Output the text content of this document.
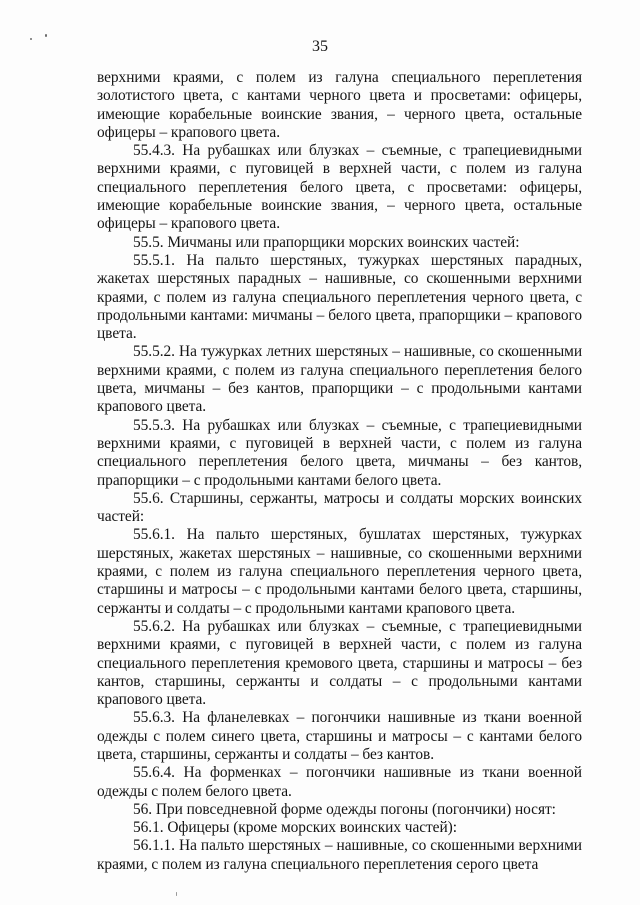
35

верхними краями, с полем из галуна специального переплетения золотистого цвета, с кантами черного цвета и просветами: офицеры, имеющие корабельные воинские звания, – черного цвета, остальные офицеры – крапового цвета.

55.4.3. На рубашках или блузках – съемные, с трапециевидными верхними краями, с пуговицей в верхней части, с полем из галуна специального переплетения белого цвета, с просветами: офицеры, имеющие корабельные воинские звания, – черного цвета, остальные офицеры – крапового цвета.

55.5. Мичманы или прапорщики морских воинских частей:

55.5.1. На пальто шерстяных, тужурках шерстяных парадных, жакетах шерстяных парадных – нашивные, со скошенными верхними краями, с полем из галуна специального переплетения черного цвета, с продольными кантами: мичманы – белого цвета, прапорщики – крапового цвета.

55.5.2. На тужурках летних шерстяных – нашивные, со скошенными верхними краями, с полем из галуна специального переплетения белого цвета, мичманы – без кантов, прапорщики – с продольными кантами крапового цвета.

55.5.3. На рубашках или блузках – съемные, с трапециевидными верхними краями, с пуговицей в верхней части, с полем из галуна специального переплетения белого цвета, мичманы – без кантов, прапорщики – с продольными кантами белого цвета.

55.6. Старшины, сержанты, матросы и солдаты морских воинских частей:

55.6.1. На пальто шерстяных, бушлатах шерстяных, тужурках шерстяных, жакетах шерстяных – нашивные, со скошенными верхними краями, с полем из галуна специального переплетения черного цвета, старшины и матросы – с продольными кантами белого цвета, старшины, сержанты и солдаты – с продольными кантами крапового цвета.

55.6.2. На рубашках или блузках – съемные, с трапециевидными верхними краями, с пуговицей в верхней части, с полем из галуна специального переплетения кремового цвета, старшины и матросы – без кантов, старшины, сержанты и солдаты – с продольными кантами крапового цвета.

55.6.3. На фланелевках – погончики нашивные из ткани военной одежды с полем синего цвета, старшины и матросы – с кантами белого цвета, старшины, сержанты и солдаты – без кантов.

55.6.4. На форменках – погончики нашивные из ткани военной одежды с полем белого цвета.

56. При повседневной форме одежды погоны (погончики) носят:

56.1. Офицеры (кроме морских воинских частей):

56.1.1. На пальто шерстяных – нашивные, со скошенными верхними краями, с полем из галуна специального переплетения серого цвета
